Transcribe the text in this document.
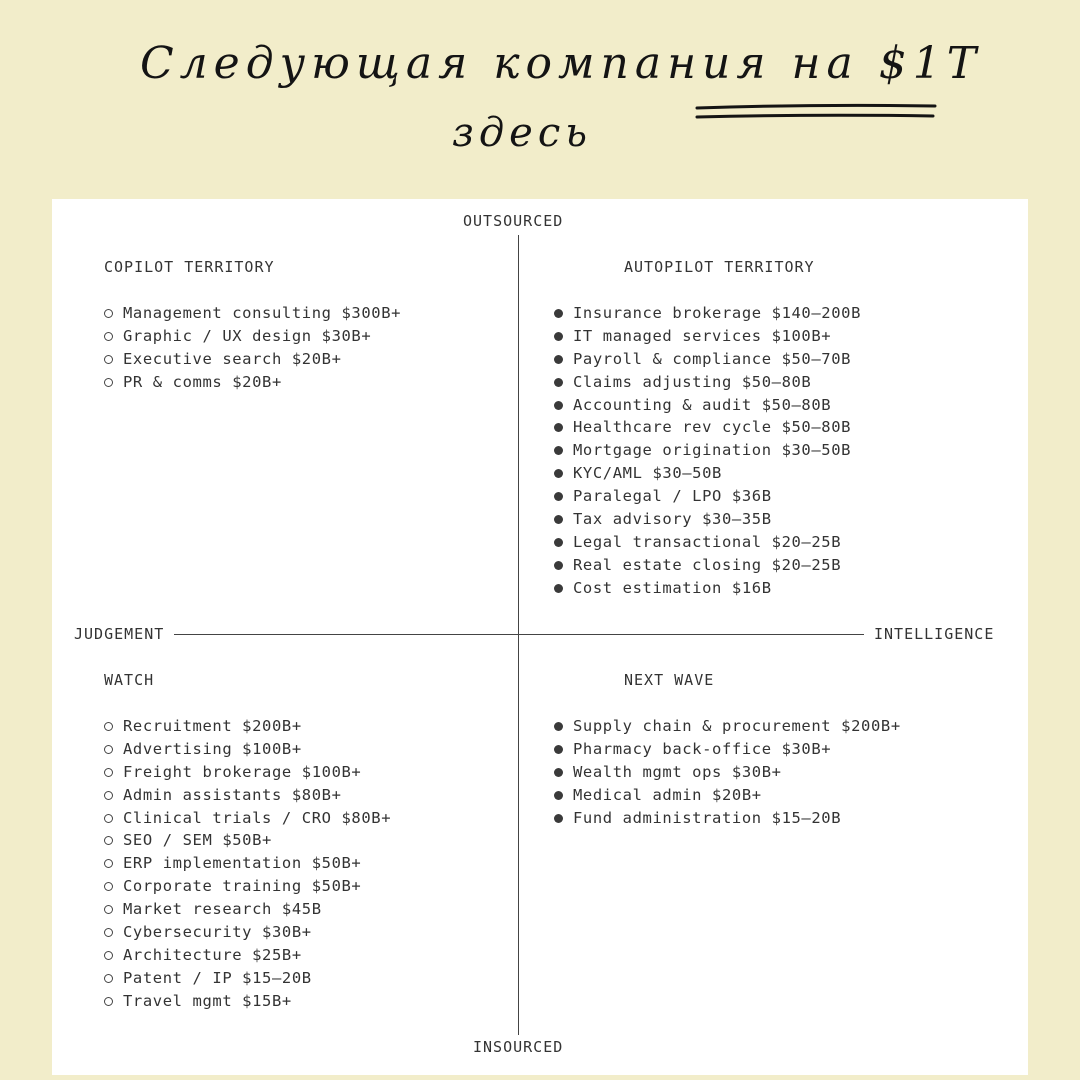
Следующая компания на $1T
здесь
OUTSOURCED
INSOURCED
JUDGEMENT	INTELLIGENCE
COPILOT TERRITORY
Management consulting $300B+
Graphic / UX design $30B+
Executive search $20B+
PR & comms $20B+
AUTOPILOT TERRITORY
Insurance brokerage $140–200B
IT managed services $100B+
Payroll & compliance $50–70B
Claims adjusting $50–80B
Accounting & audit $50–80B
Healthcare rev cycle $50–80B
Mortgage origination $30–50B
KYC/AML $30–50B
Paralegal / LPO $36B
Tax advisory $30–35B
Legal transactional $20–25B
Real estate closing $20–25B
Cost estimation $16B
WATCH
Recruitment $200B+
Advertising $100B+
Freight brokerage $100B+
Admin assistants $80B+
Clinical trials / CRO $80B+
SEO / SEM $50B+
ERP implementation $50B+
Corporate training $50B+
Market research $45B
Cybersecurity $30B+
Architecture $25B+
Patent / IP $15–20B
Travel mgmt $15B+
NEXT WAVE
Supply chain & procurement $200B+
Pharmacy back-office $30B+
Wealth mgmt ops $30B+
Medical admin $20B+
Fund administration $15–20B
